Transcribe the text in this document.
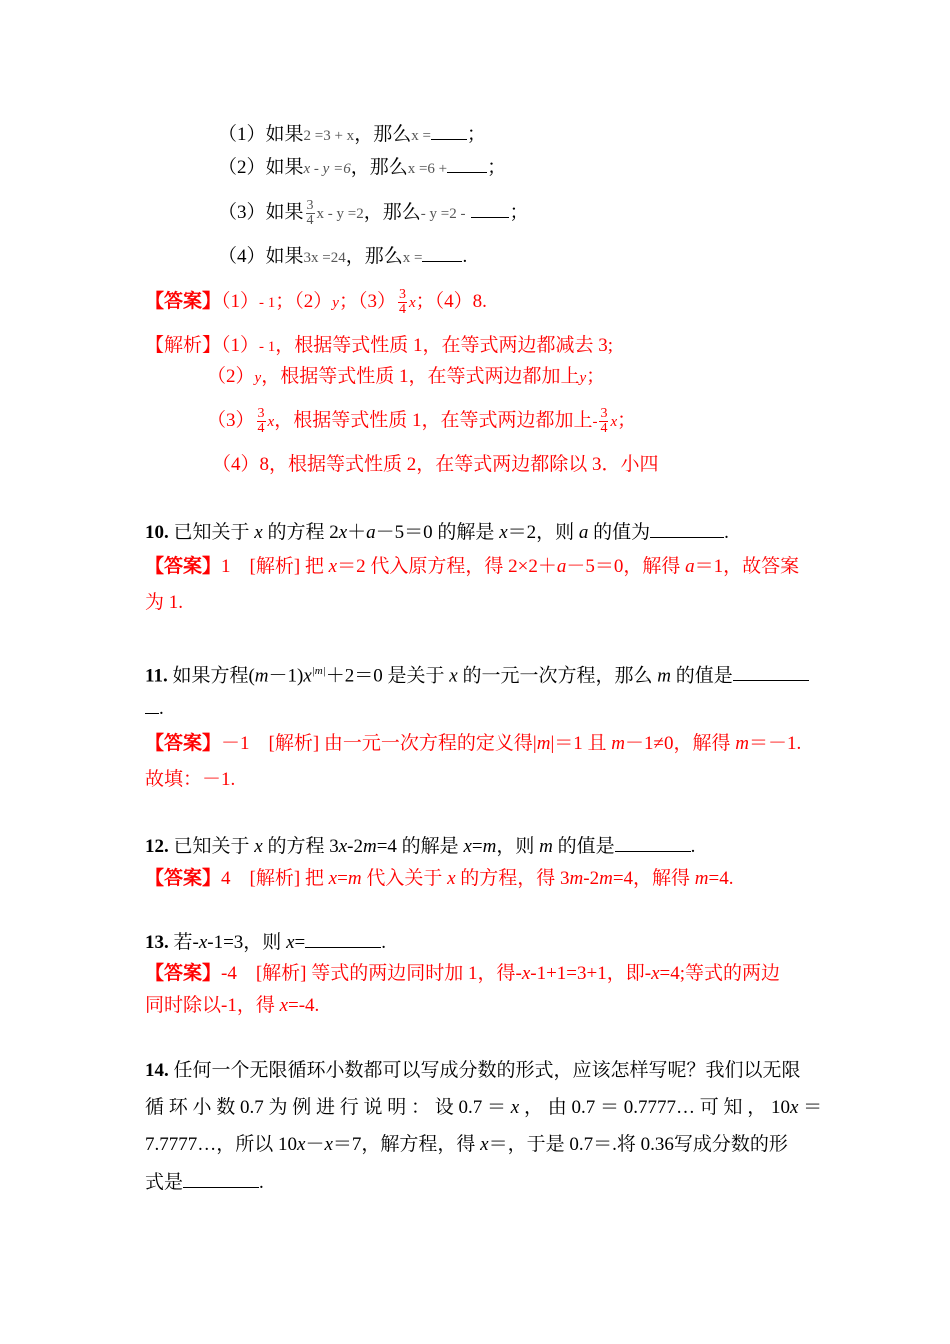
（1）如果2 =3 + x，那么x = ；
（2）如果x - y =6，那么x =6 + ；
（3）如果 $\frac{3}{4}$ x - y =2，那么- y =2 - ；
（4）如果3x =24，那么x = .
【答案】（1）- 1；（2）y；$(3) \frac{3}{4}$ x；（4）8.
【解析】（1）- 1，根据等式性质 1，在等式两边都减去 3;
（2）y，根据等式性质 1，在等式两边都加上y；
$(3) \frac{3}{4}$ x，根据等式性质 1，在等式两边都加上- $\frac{3}{4}$ x；
（4）8，根据等式性质 2，在等式两边都除以 3．小四
10. 已知关于 x 的方程 2x＋a－5＝0 的解是 x＝2，则 a 的值为	.
【答案】1　[解析] 把 x＝2 代入原方程，得 2×2＋a－5＝0，解得 a＝1，故答案
为 1.
11. 如果方程$(m-1)x^{|m|}+2=0$ 是关于 x 的一元一次方程，那么 m 的值是
.
【答案】－1　[解析] 由一元一次方程的定义得|m|＝1 且 m－1≠0，解得 m＝－1.
故填：－1.
12. 已知关于 x 的方程 3x-2m=4 的解是 x=m，则 m 的值是	.
【答案】4　[解析] 把 x=m 代入关于 x 的方程，得 3m-2m=4，解得 m=4.
13. 若-x-1=3，则 x=	.
【答案】-4　[解析] 等式的两边同时加 1，得-x-1+1=3+1，即-x=4;等式的两边
同时除以-1，得 x=-4.
14. 任何一个无限循环小数都可以写成分数的形式，应该怎样写呢？我们以无限
循 环 小 数 0.7 为 例 进 行 说 明 ： 设 0.7 ＝ x ， 由 0.7 ＝ 0.7777… 可 知 ， 10x ＝
7.7777…，所以 10x－x＝7，解方程，得 x＝，于是 0.7＝.将 0.36写成分数的形
式是	.
